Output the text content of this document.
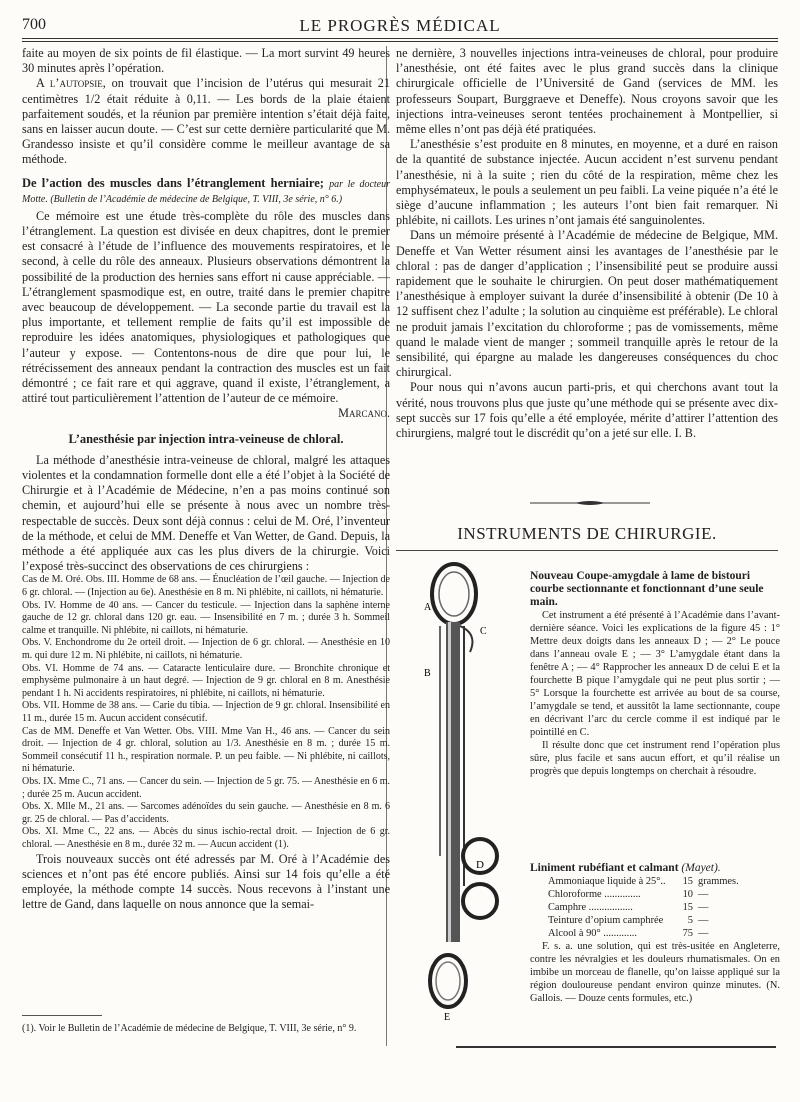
700	LE PROGRÈS MÉDICAL

faite au moyen de six points de fil élastique. — La mort survint 49 heures 30 minutes après l’opération.

A l’autopsie, on trouvait que l’incision de l’utérus qui mesurait 21 centimètres 1/2 était réduite à 0,11. — Les bords de la plaie étaient parfaitement soudés, et la réunion par première intention s’était déjà faite, sans en laisser aucun doute. — C’est sur cette dernière particularité que M. Grandesso insiste et qu’il considère comme le meilleur avantage de sa méthode.

De l’action des muscles dans l’étranglement herniaire; par le docteur Motte. (Bulletin de l’Académie de médecine de Belgique, T. VIII, 3e série, n° 6.)

Ce mémoire est une étude très-complète du rôle des muscles dans l’étranglement. La question est divisée en deux chapitres, dont le premier est consacré à l’étude de l’influence des mouvements respiratoires, et le second, à celle du rôle des anneaux. Plusieurs observations démontrent la possibilité de la production des hernies sans effort ni cause appréciable. — L’étranglement spasmodique est, en outre, traité dans le premier chapitre avec beaucoup de développement. — La seconde partie du travail est la plus importante, et tellement remplie de faits qu’il est impossible de reproduire les idées anatomiques, physiologiques et pathologiques que l’auteur y expose. — Contentons-nous de dire que pour lui, le rétrécissement des anneaux pendant la contraction des muscles est un fait démontré ; ce fait rare et qui aggrave, quand il existe, l’étranglement, a attiré tout particulièrement l’attention de l’auteur de ce mémoire.

Marcano.
L’anesthésie par injection intra-veineuse de chloral.

La méthode d’anesthésie intra-veineuse de chloral, malgré les attaques violentes et la condamnation formelle dont elle a été l’objet à la Société de Chirurgie et à l’Académie de Médecine, n’en a pas moins continué son chemin, et aujourd’hui elle se présente à nous avec un nombre très-respectable de succès. Deux sont déjà connus : celui de M. Oré, l’inventeur de la méthode, et celui de MM. Deneffe et Van Wetter, de Gand. Depuis, la méthode a été appliquée aux cas les plus divers de la chirurgie. Voici l’exposé très-succinct des observations de ces chirurgiens :

Cas de M. Oré. Obs. III. Homme de 68 ans. — Énucléation de l’œil gauche. — Injection de 6 gr. chloral. — (Injection au 6e). Anesthésie en 8 m. Ni phlébite, ni caillots, ni hématurie.

Obs. IV. Homme de 40 ans. — Cancer du testicule. — Injection dans la saphène interne gauche de 12 gr. chloral dans 120 gr. eau. — Insensibilité en 7 m. ; durée 3 h. Sommeil calme et tranquille. Ni phlébite, ni caillots, ni hématurie.

Obs. V. Enchondrome du 2e orteil droit. — Injection de 6 gr. chloral. — Anesthésie en 10 m. qui dure 12 m. Ni phlébite, ni caillots, ni hématurie.

Obs. VI. Homme de 74 ans. — Cataracte lenticulaire dure. — Bronchite chronique et emphysème pulmonaire à un haut degré. — Injection de 9 gr. chloral en 8 m. Anesthésie pendant 1 h. Ni accidents respiratoires, ni phlébite, ni caillots, ni hématurie.

Obs. VII. Homme de 38 ans. — Carie du tibia. — Injection de 9 gr. chloral. Insensibilité en 11 m., durée 15 m. Aucun accident consécutif.

Cas de MM. Deneffe et Van Wetter. Obs. VIII. Mme Van H., 46 ans. — Cancer du sein droit. — Injection de 4 gr. chloral, solution au 1/3. Anesthésie en 8 m. ; durée 15 m. Sommeil consécutif 11 h., respiration normale. P. un peu faible. — Ni phlébite, ni caillots, ni hématurie.

Obs. IX. Mme C., 71 ans. — Cancer du sein. — Injection de 5 gr. 75. — Anesthésie en 6 m. ; durée 25 m. Aucun accident.

Obs. X. Mlle M., 21 ans. — Sarcomes adénoïdes du sein gauche. — Anesthésie en 8 m. 6 gr. 25 de chloral. — Pas d’accidents.

Obs. XI. Mme C., 22 ans. — Abcès du sinus ischio-rectal droit. — Injection de 6 gr. chloral. — Anesthésie en 8 m., durée 32 m. — Aucun accident (1).

Trois nouveaux succès ont été adressés par M. Oré à l’Académie des sciences et n’ont pas été encore publiés. Ainsi sur 14 fois qu’elle a été employée, la méthode compte 14 succès. Nous recevons à l’instant une lettre de Gand, dans laquelle on nous annonce que la semai-

(1). Voir le Bulletin de l’Académie de médecine de Belgique, T. VIII, 3e série, n° 9.

ne dernière, 3 nouvelles injections intra-veineuses de chloral, pour produire l’anesthésie, ont été faites avec le plus grand succès dans la clinique chirurgicale officielle de l’Université de Gand (services de MM. les professeurs Soupart, Burggraeve et Deneffe). Nous croyons savoir que les injections intra-veineuses seront tentées prochainement à Montpellier, si même elles n’ont pas déjà été pratiquées.

L’anesthésie s’est produite en 8 minutes, en moyenne, et a duré en raison de la quantité de substance injectée. Aucun accident n’est survenu pendant l’anesthésie, ni à la suite ; rien du côté de la respiration, même chez les emphysémateux, le pouls a seulement un peu faibli. La veine piquée n’a été le siège d’aucune inflammation ; les auteurs l’ont bien fait remarquer. Ni phlébite, ni caillots. Les urines n’ont jamais été sanguinolentes.

Dans un mémoire présenté à l’Académie de médecine de Belgique, MM. Deneffe et Van Wetter résument ainsi les avantages de l’anesthésie par le chloral : pas de danger d’application ; l’insensibilité peut se produire aussi rapidement que le souhaite le chirurgien. On peut doser mathématiquement l’anesthésique à employer suivant la durée d’insensibilité à obtenir (De 10 à 12 suffisent chez l’adulte ; la solution au cinquième est préférable). Le chloral ne produit jamais l’excitation du chloroforme ; pas de vomissements, même quand le malade vient de manger ; sommeil tranquille après le retour de la sensibilité, qui épargne au malade les dangereuses conséquences du choc chirurgical.

Pour nous qui n’avons aucun parti-pris, et qui cherchons avant tout la vérité, nous trouvons plus que juste qu’une méthode qui se présente avec dix-sept succès sur 17 fois qu’elle a été employée, mérite d’attirer l’attention des chirurgiens, malgré tout le discrédit qu’on a jeté sur elle. I. B.

INSTRUMENTS DE CHIRURGIE.
A
B
C
D
E

Nouveau Coupe-amygdale à lame de bistouri courbe sectionnante et fonctionnant d’une seule main.

Cet instrument a été présenté à l’Académie dans l’avant-dernière séance. Voici les explications de la figure 45 : 1° Mettre deux doigts dans les anneaux D ; — 2° Le pouce dans l’anneau ovale E ; — 3° L’amygdale étant dans la fenêtre A ; — 4° Rapprocher les anneaux D de celui E et la fourchette B pique l’amygdale qui ne peut plus sortir ; — 5° Lorsque la fourchette est arrivée au bout de sa course, l’amygdale se tend, et aussitôt la lame sectionnante, coupe en décrivant l’arc du cercle comme il est indiqué par le pointillé en C.

Il résulte donc que cet instrument rend l’opération plus sûre, plus facile et sans aucun effort, et qu’il réalise un progrès que depuis longtemps on cherchait à résoudre.

Liniment rubéfiant et calmant (Mayet).

Ammoniaque liquide à 25°..	15 grammes.
Chloroforme ..............	10 —
Camphre .................	15 —
Teinture d’opium camphrée	5 —
Alcool à 90° .............	75 —

F. s. a. une solution, qui est très-usitée en Angleterre, contre les névralgies et les douleurs rhumatismales. On en imbibe un morceau de flanelle, qu’on laisse appliqué sur la région douloureuse pendant environ quinze minutes. (N. Gallois. — Douze cents formules, etc.)
